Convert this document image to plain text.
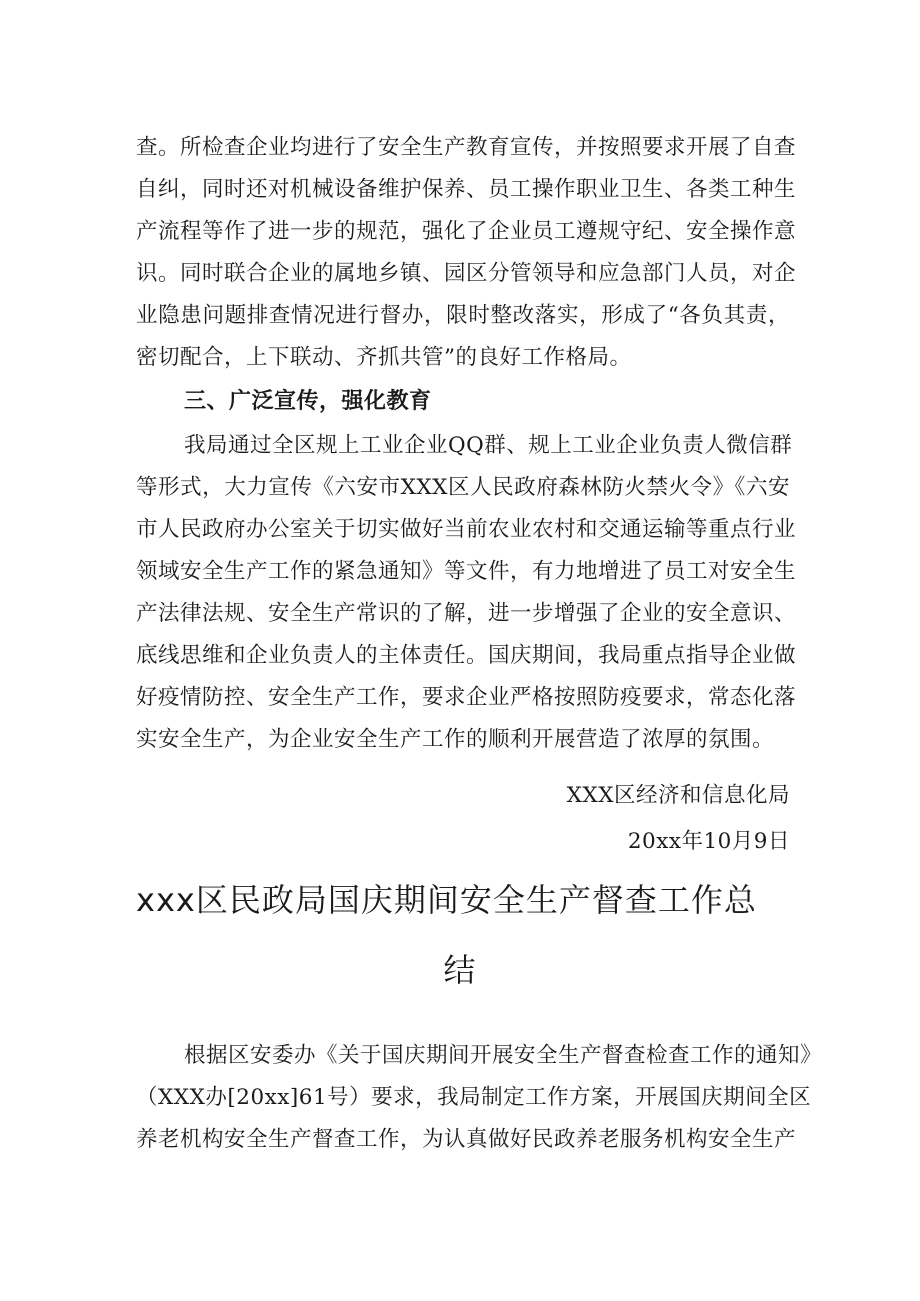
查。所检查企业均进行了安全生产教育宣传，并按照要求开展了自查
自纠，同时还对机械设备维护保养、员工操作职业卫生、各类工种生
产流程等作了进一步的规范，强化了企业员工遵规守纪、安全操作意
识。同时联合企业的属地乡镇、园区分管领导和应急部门人员，对企
业隐患问题排查情况进行督办，限时整改落实，形成了“各负其责，
密切配合，上下联动、齐抓共管”的良好工作格局。
三、广泛宣传，强化教育
我局通过全区规上工业企业QQ群、规上工业企业负责人微信群
等形式，大力宣传《六安市XXX区人民政府森林防火禁火令》《六安
市人民政府办公室关于切实做好当前农业农村和交通运输等重点行业
领域安全生产工作的紧急通知》等文件，有力地增进了员工对安全生
产法律法规、安全生产常识的了解，进一步增强了企业的安全意识、
底线思维和企业负责人的主体责任。国庆期间，我局重点指导企业做
好疫情防控、安全生产工作，要求企业严格按照防疫要求，常态化落
实安全生产，为企业安全生产工作的顺利开展营造了浓厚的氛围。
XXX区经济和信息化局
20xx年10月9日
xxx区民政局国庆期间安全生产督查工作总
结
根据区安委办《关于国庆期间开展安全生产督查检查工作的通知》
（XXX办[20xx]61号）要求，我局制定工作方案，开展国庆期间全区
养老机构安全生产督查工作，为认真做好民政养老服务机构安全生产
